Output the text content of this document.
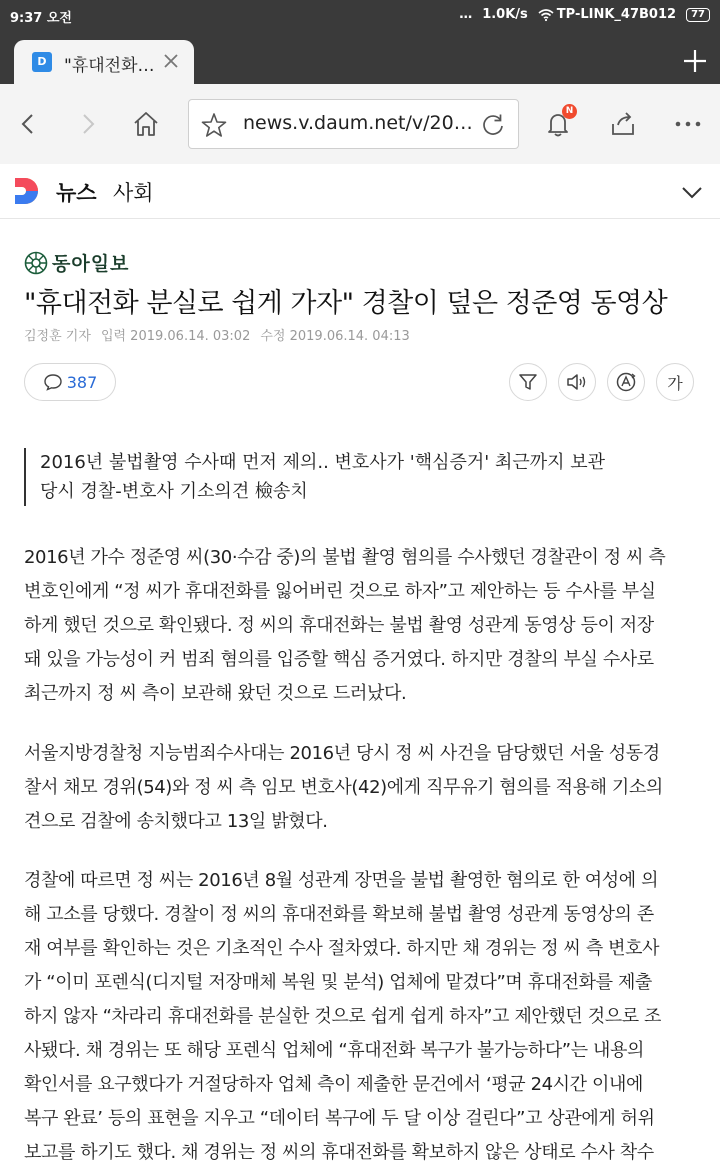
9:37 오전	… 1.0K/s TP-LINK_47B012	77
D	"휴대전화…
news.v.daum.net/v/20…
N
뉴스 사회
동아일보
"휴대전화 분실로 쉽게 가자" 경찰이 덮은 정준영 동영상
김정훈 기자 입력 2019.06.14. 03:02 수정 2019.06.14. 04:13
387	가

2016년 불법촬영 수사때 먼저 제의.. 변호사가 '핵심증거' 최근까지 보관

당시 경찰-변호사 기소의견 檢송치

2016년 가수 정준영 씨(30·수감 중)의 불법 촬영 혐의를 수사했던 경찰관이 정 씨 측
변호인에게 “정 씨가 휴대전화를 잃어버린 것으로 하자”고 제안하는 등 수사를 부실
하게 했던 것으로 확인됐다. 정 씨의 휴대전화는 불법 촬영 성관계 동영상 등이 저장
돼 있을 가능성이 커 범죄 혐의를 입증할 핵심 증거였다. 하지만 경찰의 부실 수사로
최근까지 정 씨 측이 보관해 왔던 것으로 드러났다.
서울지방경찰청 지능범죄수사대는 2016년 당시 정 씨 사건을 담당했던 서울 성동경
찰서 채모 경위(54)와 정 씨 측 임모 변호사(42)에게 직무유기 혐의를 적용해 기소의
견으로 검찰에 송치했다고 13일 밝혔다.
경찰에 따르면 정 씨는 2016년 8월 성관계 장면을 불법 촬영한 혐의로 한 여성에 의
해 고소를 당했다. 경찰이 정 씨의 휴대전화를 확보해 불법 촬영 성관계 동영상의 존
재 여부를 확인하는 것은 기초적인 수사 절차였다. 하지만 채 경위는 정 씨 측 변호사
가 “이미 포렌식(디지털 저장매체 복원 및 분석) 업체에 맡겼다”며 휴대전화를 제출
하지 않자 “차라리 휴대전화를 분실한 것으로 쉽게 쉽게 하자”고 제안했던 것으로 조
사됐다. 채 경위는 또 해당 포렌식 업체에 “휴대전화 복구가 불가능하다”는 내용의
확인서를 요구했다가 거절당하자 업체 측이 제출한 문건에서 ‘평균 24시간 이내에
복구 완료’ 등의 표현을 지우고 “데이터 복구에 두 달 이상 걸린다”고 상관에게 허위
보고를 하기도 했다. 채 경위는 정 씨의 휴대전화를 확보하지 않은 상태로 수사 착수
